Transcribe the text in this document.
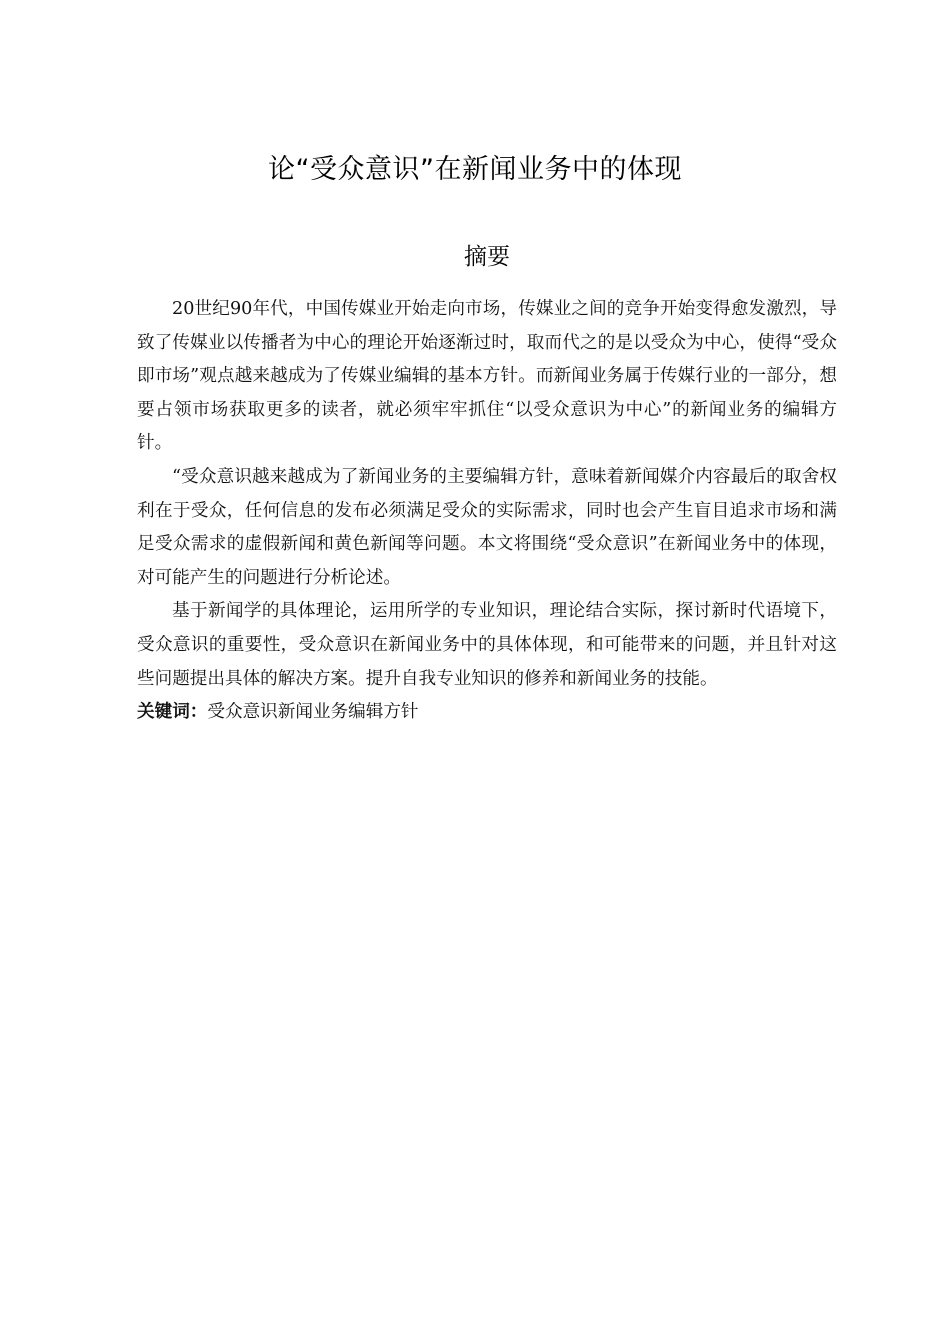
论“受众意识”在新闻业务中的体现
摘要

20世纪90年代，中国传媒业开始走向市场，传媒业之间的竞争开始变得愈发激烈，导致了传媒业以传播者为中心的理论开始逐渐过时，取而代之的是以受众为中心，使得“受众即市场”观点越来越成为了传媒业编辑的基本方针。而新闻业务属于传媒行业的一部分，想要占领市场获取更多的读者，就必须牢牢抓住“以受众意识为中心”的新闻业务的编辑方针。

“受众意识越来越成为了新闻业务的主要编辑方针，意味着新闻媒介内容最后的取舍权利在于受众，任何信息的发布必须满足受众的实际需求，同时也会产生盲目追求市场和满足受众需求的虚假新闻和黄色新闻等问题。本文将围绕“受众意识”在新闻业务中的体现，对可能产生的问题进行分析论述。

基于新闻学的具体理论，运用所学的专业知识，理论结合实际，探讨新时代语境下，受众意识的重要性，受众意识在新闻业务中的具体体现，和可能带来的问题，并且针对这些问题提出具体的解决方案。提升自我专业知识的修养和新闻业务的技能。

关键词：受众意识新闻业务编辑方针
